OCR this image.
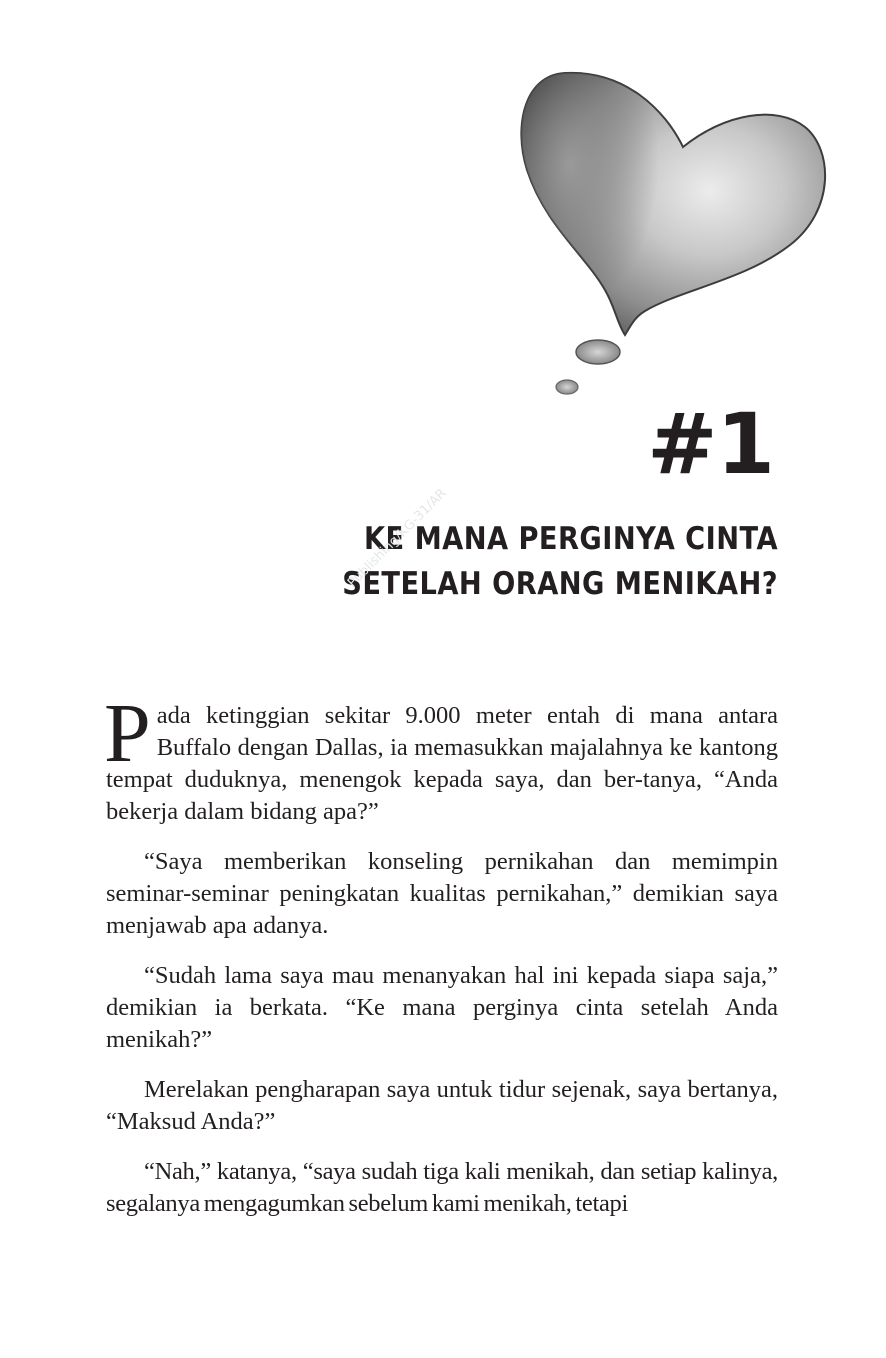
#1
KE MANA PERGINYA CINTA
SETELAH ORANG MENIKAH?
Publishing/KG-31/AR

Pada ketinggian sekitar 9.000 meter entah di mana antara Buffalo dengan Dallas, ia memasukkan majalahnya ke kantong tempat duduknya, menengok kepada saya, dan ber-tanya, “Anda bekerja dalam bidang apa?”

“Saya memberikan konseling pernikahan dan memimpin seminar-seminar peningkatan kualitas pernikahan,” demikian saya menjawab apa adanya.

“Sudah lama saya mau menanyakan hal ini kepada siapa saja,” demikian ia berkata. “Ke mana perginya cinta setelah Anda menikah?”

Merelakan pengharapan saya untuk tidur sejenak, saya bertanya, “Maksud Anda?”

“Nah,” katanya, “saya sudah tiga kali menikah, dan setiap kalinya, segalanya mengagumkan sebelum kami menikah, tetapi
